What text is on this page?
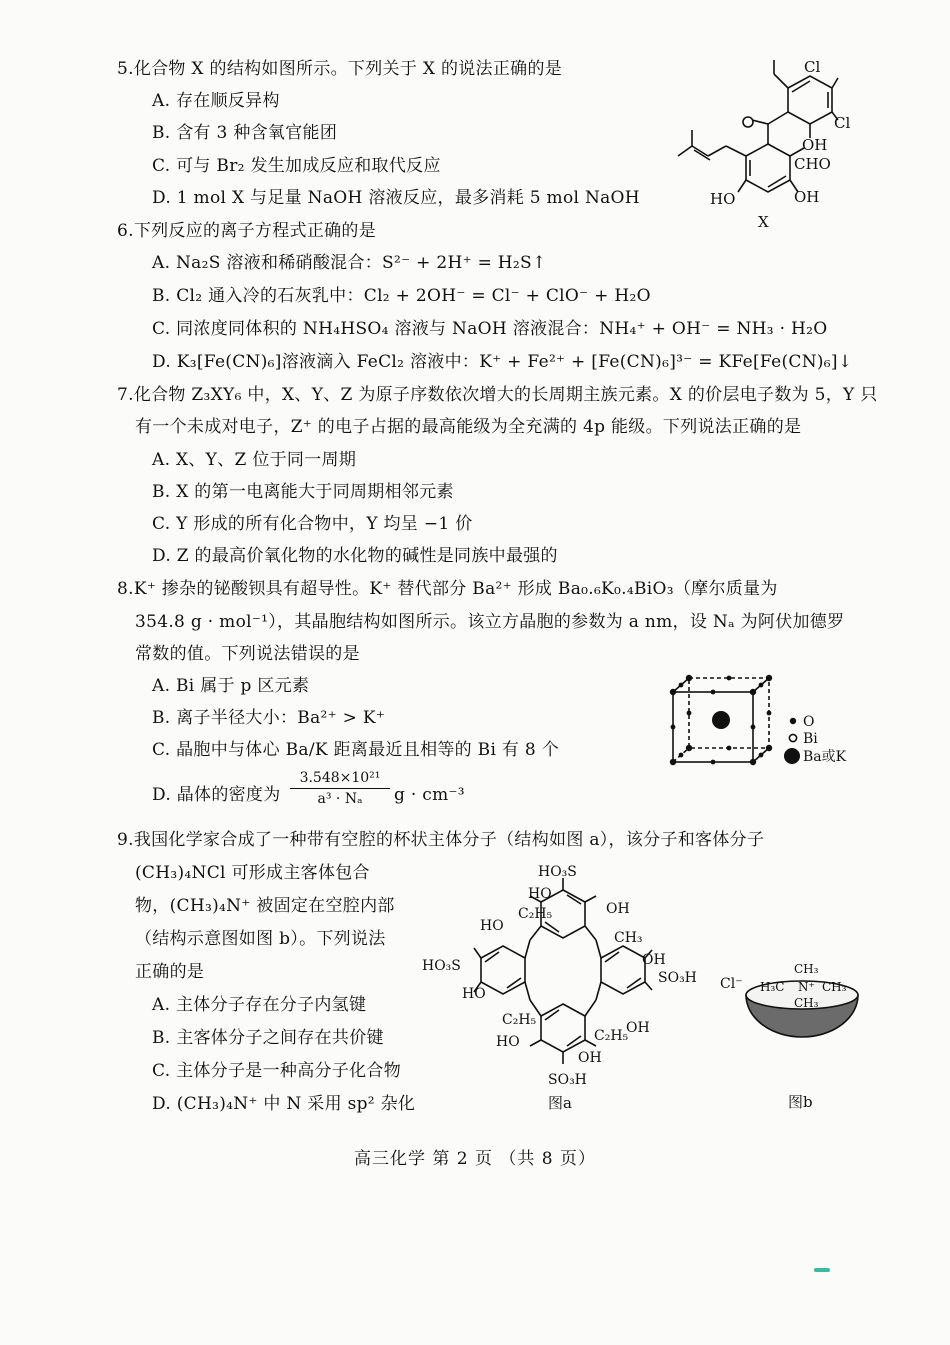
5.化合物 X 的结构如图所示。下列关于 X 的说法正确的是
A. 存在顺反异构
B. 含有 3 种含氧官能团
C. 可与 Br₂ 发生加成反应和取代反应
D. 1 mol X 与足量 NaOH 溶液反应，最多消耗 5 mol NaOH
Cl
Cl
OH
CHO
HO	OH
X
6.下列反应的离子方程式正确的是
A. Na₂S 溶液和稀硝酸混合：S²⁻ + 2H⁺ = H₂S↑
B. Cl₂ 通入冷的石灰乳中：Cl₂ + 2OH⁻ = Cl⁻ + ClO⁻ + H₂O
C. 同浓度同体积的 NH₄HSO₄ 溶液与 NaOH 溶液混合：NH₄⁺ + OH⁻ = NH₃ · H₂O
D. K₃[Fe(CN)₆]溶液滴入 FeCl₂ 溶液中：K⁺ + Fe²⁺ + [Fe(CN)₆]³⁻ = KFe[Fe(CN)₆]↓
7.化合物 Z₃XY₆ 中，X、Y、Z 为原子序数依次增大的长周期主族元素。X 的价层电子数为 5，Y 只
有一个未成对电子，Z⁺ 的电子占据的最高能级为全充满的 4p 能级。下列说法正确的是
A. X、Y、Z 位于同一周期
B. X 的第一电离能大于同周期相邻元素
C. Y 形成的所有化合物中，Y 均呈 −1 价
D. Z 的最高价氧化物的水化物的碱性是同族中最强的
8.K⁺ 掺杂的铋酸钡具有超导性。K⁺ 替代部分 Ba²⁺ 形成 Ba₀.₆K₀.₄BiO₃（摩尔质量为
354.8 g · mol⁻¹），其晶胞结构如图所示。该立方晶胞的参数为 a nm，设 Nₐ 为阿伏加德罗
常数的值。下列说法错误的是
A. Bi 属于 p 区元素
B. 离子半径大小：Ba²⁺ > K⁺
C. 晶胞中与体心 Ba/K 距离最近且相等的 Bi 有 8 个
D. 晶体的密度为 $\frac{\text{3.548×10²¹}}{\text{a³ · Nₐ}}$ g · cm⁻³
O
Bi
Ba或K
9.我国化学家合成了一种带有空腔的杯状主体分子（结构如图 a），该分子和客体分子
(CH₃)₄NCl 可形成主客体包合
物，(CH₃)₄N⁺ 被固定在空腔内部
（结构示意图如图 b）。下列说法
正确的是
A. 主体分子存在分子内氢键
B. 主客体分子之间存在共价键
C. 主体分子是一种高分子化合物
D. (CH₃)₄N⁺ 中 N 采用 sp² 杂化
HO₃S
HO
C₂H₅	OH
HO
CH₃
HO₃S	OH
SO₃H
HO
C₂H₅
C₂H₅
OH
HO
OH
SO₃H
图a
Cl⁻
CH₃
H₃C N⁺ CH₃
CH₃
图b
高三化学 第 2 页 （共 8 页）
